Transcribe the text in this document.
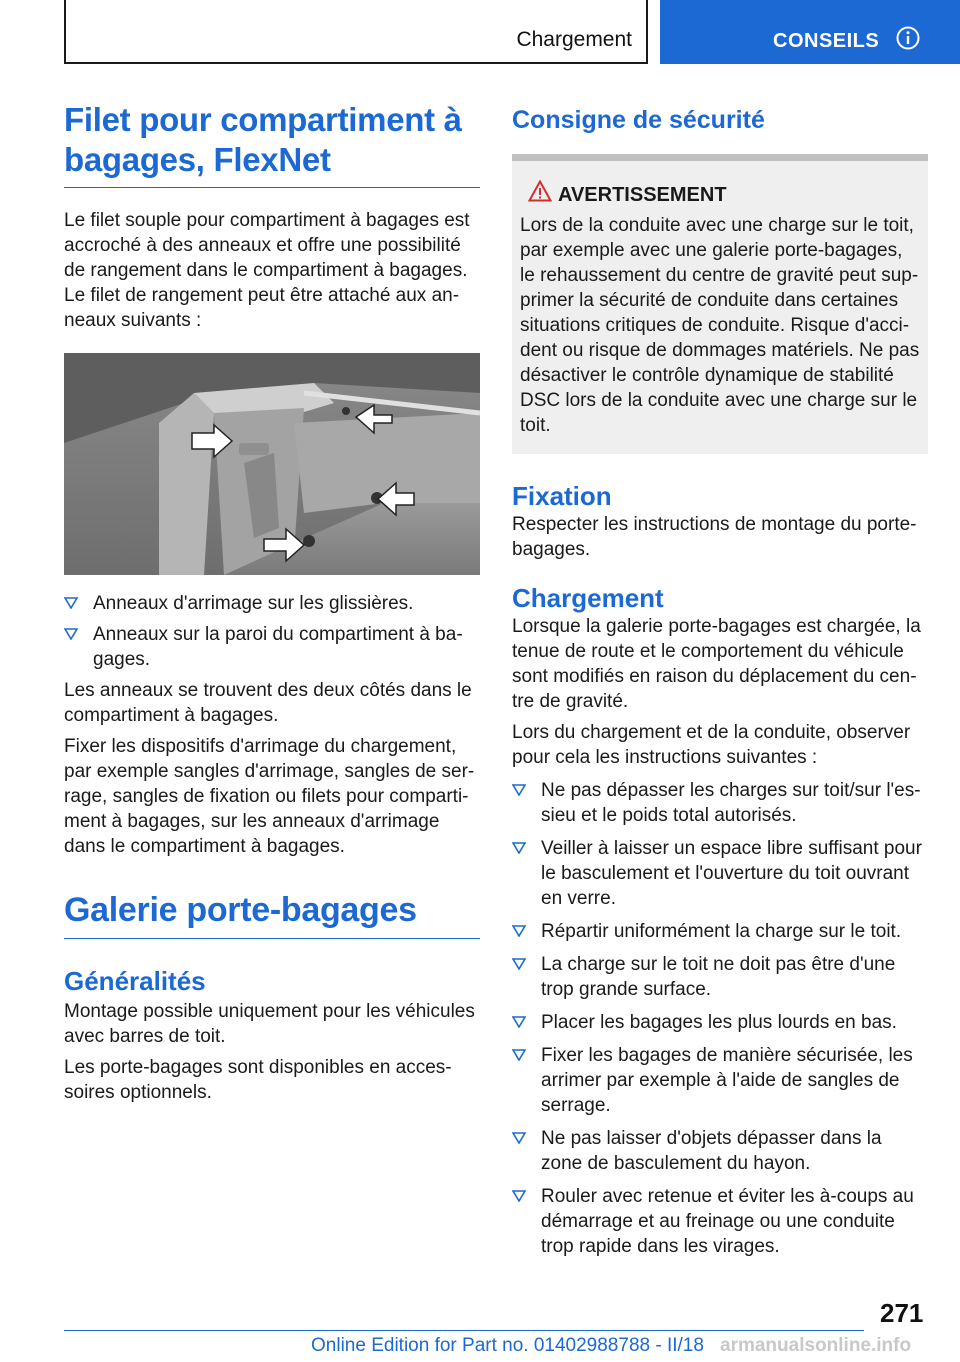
Chargement	CONSEILS
Filet pour compartiment à bagages, FlexNet

Le filet souple pour compartiment à bagages est accroché à des anneaux et offre une possibilité de rangement dans le compartiment à bagages. Le filet de rangement peut être attaché aux an-neaux suivants :

Anneaux d'arrimage sur les glissières.
Anneaux sur la paroi du compartiment à ba-gages.

Les anneaux se trouvent des deux côtés dans le compartiment à bagages.

Fixer les dispositifs d'arrimage du chargement, par exemple sangles d'arrimage, sangles de ser-rage, sangles de fixation ou filets pour comparti-ment à bagages, sur les anneaux d'arrimage dans le compartiment à bagages.

Galerie porte-bagages
Généralités

Montage possible uniquement pour les véhicules avec barres de toit.

Les porte-bagages sont disponibles en acces-soires optionnels.

Consigne de sécurité
AVERTISSEMENT

Lors de la conduite avec une charge sur le toit, par exemple avec une galerie porte-bagages, le rehaussement du centre de gravité peut sup-primer la sécurité de conduite dans certaines situations critiques de conduite. Risque d'acci-dent ou risque de dommages matériels. Ne pas désactiver le contrôle dynamique de stabilité DSC lors de la conduite avec une charge sur le toit.

Fixation

Respecter les instructions de montage du porte-bagages.

Chargement

Lorsque la galerie porte-bagages est chargée, la tenue de route et le comportement du véhicule sont modifiés en raison du déplacement du cen-tre de gravité.

Lors du chargement et de la conduite, observer pour cela les instructions suivantes :

Ne pas dépasser les charges sur toit/sur l'es-sieu et le poids total autorisés.
Veiller à laisser un espace libre suffisant pour le basculement et l'ouverture du toit ouvrant en verre.
Répartir uniformément la charge sur le toit.
La charge sur le toit ne doit pas être d'une trop grande surface.
Placer les bagages les plus lourds en bas.
Fixer les bagages de manière sécurisée, les arrimer par exemple à l'aide de sangles de serrage.
Ne pas laisser d'objets dépasser dans la zone de basculement du hayon.
Rouler avec retenue et éviter les à-coups au démarrage et au freinage ou une conduite trop rapide dans les virages.
271
Online Edition for Part no. 01402988788 - II/18 armanualsonline.info
